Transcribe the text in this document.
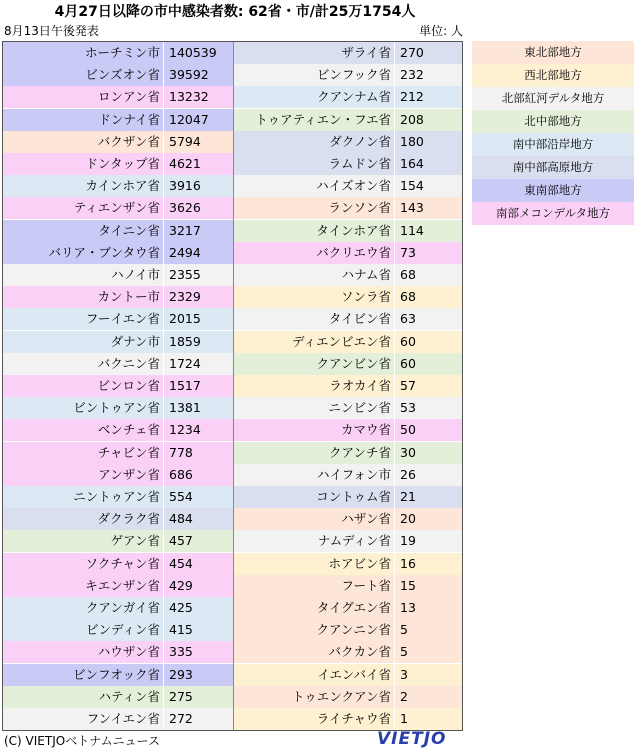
4月27日以降の市中感染者数: 62省・市/計25万1754人
8月13日午後発表	単位: 人
ホーチミン市 140539
ビンズオン省 39592
ロンアン省 13232
ドンナイ省 12047
バクザン省 5794
ドンタップ省 4621
カインホア省 3916
ティエンザン省 3626
タイニン省 3217
バリア・ブンタウ省 2494
ハノイ市 2355
カントー市 2329
フーイエン省 2015
ダナン市 1859
バクニン省 1724
ビンロン省 1517
ビントゥアン省 1381
ベンチェ省 1234
チャビン省 778
アンザン省 686
ニントゥアン省 554
ダクラク省 484
ゲアン省 457
ソクチャン省 454
キエンザン省 429
クアンガイ省 425
ビンディン省 415
ハウザン省 335
ビンフオック省 293
ハティン省 275
フンイエン省 272
ザライ省 270
ビンフック省 232
クアンナム省 212
トゥアティエン・フエ省 208
ダクノン省 180
ラムドン省 164
ハイズオン省 154
ランソン省 143
タインホア省 114
バクリエウ省 73
ハナム省 68
ソンラ省 68
タイビン省 63
ディエンビエン省 60
クアンビン省 60
ラオカイ省 57
ニンビン省 53
カマウ省 50
クアンチ省 30
ハイフォン市 26
コントゥム省 21
ハザン省 20
ナムディン省 19
ホアビン省 16
フート省 15
タイグエン省 13
クアンニン省 5
バクカン省 5
イエンバイ省 3
トゥエンクアン省 2
ライチャウ省 1
東北部地方
西北部地方
北部紅河デルタ地方
北中部地方
南中部沿岸地方
南中部高原地方
東南部地方
南部メコンデルタ地方
(C) VIETJOベトナムニュース	VIETJO
